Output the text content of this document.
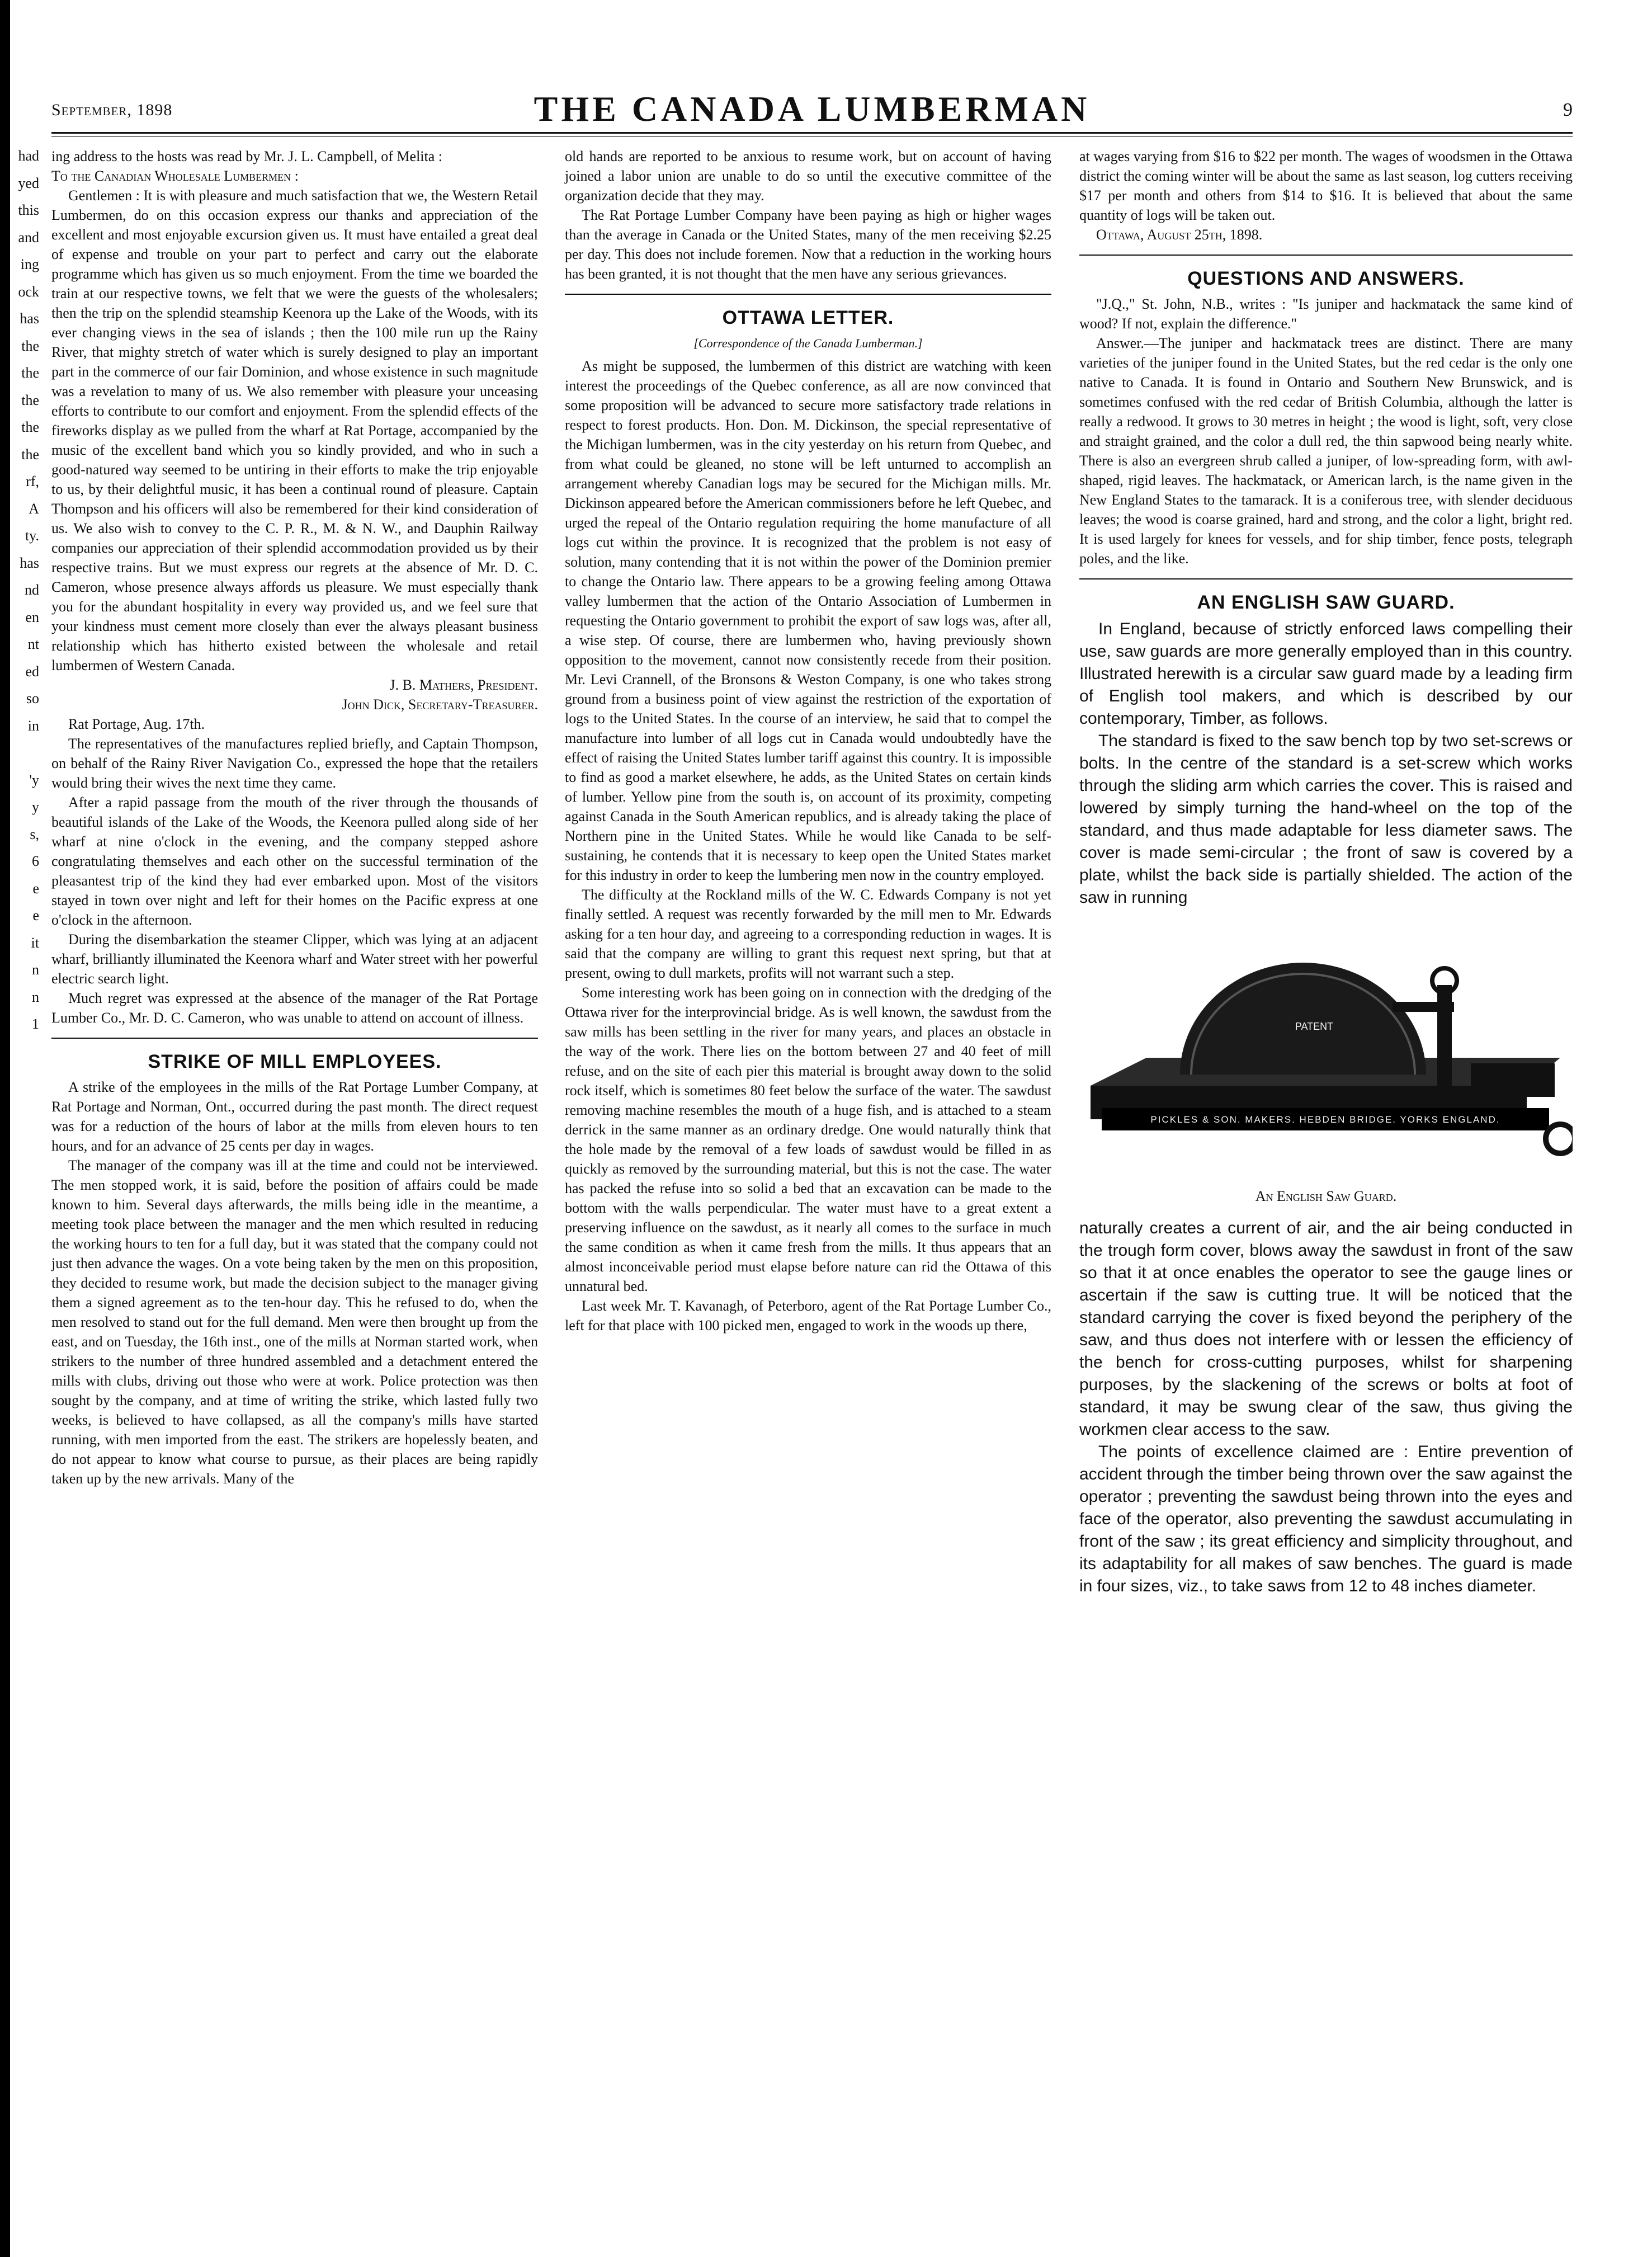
had
yed
this
and
ing
ock
has
the
the
the
the
the
rf,
A
ty.
has
nd
en
nt
ed
so
in

'y
y
s,
6
e
e
it
n
n
1
September, 1898	THE CANADA LUMBERMAN	9

ing address to the hosts was read by Mr. J. L. Campbell, of Melita :

To the Canadian Wholesale Lumbermen :

Gentlemen : It is with pleasure and much satisfaction that we, the Western Retail Lumbermen, do on this occasion express our thanks and appreciation of the excellent and most enjoyable excursion given us. It must have entailed a great deal of expense and trouble on your part to perfect and carry out the elaborate programme which has given us so much enjoyment. From the time we boarded the train at our respective towns, we felt that we were the guests of the wholesalers; then the trip on the splendid steamship Keenora up the Lake of the Woods, with its ever changing views in the sea of islands ; then the 100 mile run up the Rainy River, that mighty stretch of water which is surely designed to play an important part in the commerce of our fair Dominion, and whose existence in such magnitude was a revelation to many of us. We also remember with pleasure your unceasing efforts to contribute to our comfort and enjoyment. From the splendid effects of the fireworks display as we pulled from the wharf at Rat Portage, accompanied by the music of the excellent band which you so kindly provided, and who in such a good-natured way seemed to be untiring in their efforts to make the trip enjoyable to us, by their delightful music, it has been a continual round of pleasure. Captain Thompson and his officers will also be remembered for their kind consideration of us. We also wish to convey to the C. P. R., M. & N. W., and Dauphin Railway companies our appreciation of their splendid accommodation provided us by their respective trains. But we must express our regrets at the absence of Mr. D. C. Cameron, whose presence always affords us pleasure. We must especially thank you for the abundant hospitality in every way provided us, and we feel sure that your kindness must cement more closely than ever the always pleasant business relationship which has hitherto existed between the wholesale and retail lumbermen of Western Canada.

J. B. Mathers, President.

John Dick, Secretary-Treasurer.

Rat Portage, Aug. 17th.

The representatives of the manufactures replied briefly, and Captain Thompson, on behalf of the Rainy River Navigation Co., expressed the hope that the retailers would bring their wives the next time they came.

After a rapid passage from the mouth of the river through the thousands of beautiful islands of the Lake of the Woods, the Keenora pulled along side of her wharf at nine o'clock in the evening, and the company stepped ashore congratulating themselves and each other on the successful termination of the pleasantest trip of the kind they had ever embarked upon. Most of the visitors stayed in town over night and left for their homes on the Pacific express at one o'clock in the afternoon.

During the disembarkation the steamer Clipper, which was lying at an adjacent wharf, brilliantly illuminated the Keenora wharf and Water street with her powerful electric search light.

Much regret was expressed at the absence of the manager of the Rat Portage Lumber Co., Mr. D. C. Cameron, who was unable to attend on account of illness.

STRIKE OF MILL EMPLOYEES.

A strike of the employees in the mills of the Rat Portage Lumber Company, at Rat Portage and Norman, Ont., occurred during the past month. The direct request was for a reduction of the hours of labor at the mills from eleven hours to ten hours, and for an advance of 25 cents per day in wages.

The manager of the company was ill at the time and could not be interviewed. The men stopped work, it is said, before the position of affairs could be made known to him. Several days afterwards, the mills being idle in the meantime, a meeting took place between the manager and the men which resulted in reducing the working hours to ten for a full day, but it was stated that the company could not just then advance the wages. On a vote being taken by the men on this proposition, they decided to resume work, but made the decision subject to the manager giving them a signed agreement as to the ten-hour day. This he refused to do, when the men resolved to stand out for the full demand. Men were then brought up from the east, and on Tuesday, the 16th inst., one of the mills at Norman started work, when strikers to the number of three hundred assembled and a detachment entered the mills with clubs, driving out those who were at work. Police protection was then sought by the company, and at time of writing the strike, which lasted fully two weeks, is believed to have collapsed, as all the company's mills have started running, with men imported from the east. The strikers are hopelessly beaten, and do not appear to know what course to pursue, as their places are being rapidly taken up by the new arrivals. Many of the

old hands are reported to be anxious to resume work, but on account of having joined a labor union are unable to do so until the executive committee of the organization decide that they may.

The Rat Portage Lumber Company have been paying as high or higher wages than the average in Canada or the United States, many of the men receiving $2.25 per day. This does not include foremen. Now that a reduction in the working hours has been granted, it is not thought that the men have any serious grievances.

OTTAWA LETTER.
[Correspondence of the Canada Lumberman.]

As might be supposed, the lumbermen of this district are watching with keen interest the proceedings of the Quebec conference, as all are now convinced that some proposition will be advanced to secure more satisfactory trade relations in respect to forest products. Hon. Don. M. Dickinson, the special representative of the Michigan lumbermen, was in the city yesterday on his return from Quebec, and from what could be gleaned, no stone will be left unturned to accomplish an arrangement whereby Canadian logs may be secured for the Michigan mills. Mr. Dickinson appeared before the American commissioners before he left Quebec, and urged the repeal of the Ontario regulation requiring the home manufacture of all logs cut within the province. It is recognized that the problem is not easy of solution, many contending that it is not within the power of the Dominion premier to change the Ontario law. There appears to be a growing feeling among Ottawa valley lumbermen that the action of the Ontario Association of Lumbermen in requesting the Ontario government to prohibit the export of saw logs was, after all, a wise step. Of course, there are lumbermen who, having previously shown opposition to the movement, cannot now consistently recede from their position. Mr. Levi Crannell, of the Bronsons & Weston Company, is one who takes strong ground from a business point of view against the restriction of the exportation of logs to the United States. In the course of an interview, he said that to compel the manufacture into lumber of all logs cut in Canada would undoubtedly have the effect of raising the United States lumber tariff against this country. It is impossible to find as good a market elsewhere, he adds, as the United States on certain kinds of lumber. Yellow pine from the south is, on account of its proximity, competing against Canada in the South American republics, and is already taking the place of Northern pine in the United States. While he would like Canada to be self-sustaining, he contends that it is necessary to keep open the United States market for this industry in order to keep the lumbering men now in the country employed.

The difficulty at the Rockland mills of the W. C. Edwards Company is not yet finally settled. A request was recently forwarded by the mill men to Mr. Edwards asking for a ten hour day, and agreeing to a corresponding reduction in wages. It is said that the company are willing to grant this request next spring, but that at present, owing to dull markets, profits will not warrant such a step.

Some interesting work has been going on in connection with the dredging of the Ottawa river for the interprovincial bridge. As is well known, the sawdust from the saw mills has been settling in the river for many years, and places an obstacle in the way of the work. There lies on the bottom between 27 and 40 feet of mill refuse, and on the site of each pier this material is brought away down to the solid rock itself, which is sometimes 80 feet below the surface of the water. The sawdust removing machine resembles the mouth of a huge fish, and is attached to a steam derrick in the same manner as an ordinary dredge. One would naturally think that the hole made by the removal of a few loads of sawdust would be filled in as quickly as removed by the surrounding material, but this is not the case. The water has packed the refuse into so solid a bed that an excavation can be made to the bottom with the walls perpendicular. The water must have to a great extent a preserving influence on the sawdust, as it nearly all comes to the surface in much the same condition as when it came fresh from the mills. It thus appears that an almost inconceivable period must elapse before nature can rid the Ottawa of this unnatural bed.

Last week Mr. T. Kavanagh, of Peterboro, agent of the Rat Portage Lumber Co., left for that place with 100 picked men, engaged to work in the woods up there,

at wages varying from $16 to $22 per month. The wages of woodsmen in the Ottawa district the coming winter will be about the same as last season, log cutters receiving $17 per month and others from $14 to $16. It is believed that about the same quantity of logs will be taken out.

Ottawa, August 25th, 1898.

QUESTIONS AND ANSWERS.

"J.Q.," St. John, N.B., writes : "Is juniper and hackmatack the same kind of wood? If not, explain the difference."

Answer.—The juniper and hackmatack trees are distinct. There are many varieties of the juniper found in the United States, but the red cedar is the only one native to Canada. It is found in Ontario and Southern New Brunswick, and is sometimes confused with the red cedar of British Columbia, although the latter is really a redwood. It grows to 30 metres in height ; the wood is light, soft, very close and straight grained, and the color a dull red, the thin sapwood being nearly white. There is also an evergreen shrub called a juniper, of low-spreading form, with awl-shaped, rigid leaves. The hackmatack, or American larch, is the name given in the New England States to the tamarack. It is a coniferous tree, with slender deciduous leaves; the wood is coarse grained, hard and strong, and the color a light, bright red. It is used largely for knees for vessels, and for ship timber, fence posts, telegraph poles, and the like.

AN ENGLISH SAW GUARD.

In England, because of strictly enforced laws compelling their use, saw guards are more generally employed than in this country. Illustrated herewith is a circular saw guard made by a leading firm of English tool makers, and which is described by our contemporary, Timber, as follows.

The standard is fixed to the saw bench top by two set-screws or bolts. In the centre of the standard is a set-screw which works through the sliding arm which carries the cover. This is raised and lowered by simply turning the hand-wheel on the top of the standard, and thus made adaptable for less diameter saws. The cover is made semi-circular ; the front of saw is covered by a plate, whilst the back side is partially shielded. The action of the saw in running

PATENT
PICKLES & SON. MAKERS. HEBDEN BRIDGE. YORKS ENGLAND.
An English Saw Guard.

naturally creates a current of air, and the air being conducted in the trough form cover, blows away the sawdust in front of the saw so that it at once enables the operator to see the gauge lines or ascertain if the saw is cutting true. It will be noticed that the standard carrying the cover is fixed beyond the periphery of the saw, and thus does not interfere with or lessen the efficiency of the bench for cross-cutting purposes, whilst for sharpening purposes, by the slackening of the screws or bolts at foot of standard, it may be swung clear of the saw, thus giving the workmen clear access to the saw.

The points of excellence claimed are : Entire prevention of accident through the timber being thrown over the saw against the operator ; preventing the sawdust being thrown into the eyes and face of the operator, also preventing the sawdust accumulating in front of the saw ; its great efficiency and simplicity throughout, and its adaptability for all makes of saw benches. The guard is made in four sizes, viz., to take saws from 12 to 48 inches diameter.
